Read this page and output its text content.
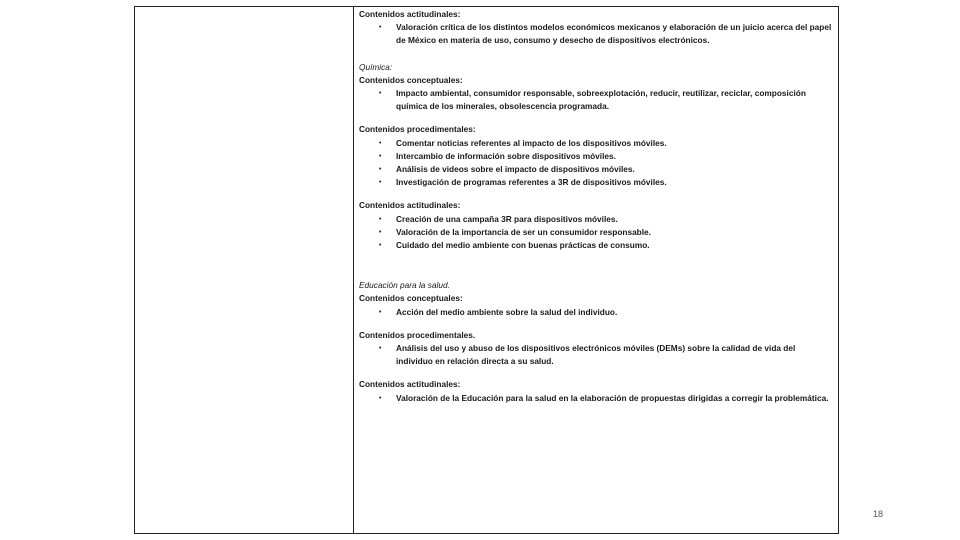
Contenidos actitudinales:

• Valoración crítica de los distintos modelos económicos mexicanos y elaboración de un juicio acerca del papel de México en materia de uso, consumo y desecho de dispositivos electrónicos.

Química:

Contenidos conceptuales:

• Impacto ambiental, consumidor responsable, sobreexplotación, reducir, reutilizar, reciclar, composición química de los minerales, obsolescencia programada.

Contenidos procedimentales:

• Comentar noticias referentes al impacto de los dispositivos móviles.
• Intercambio de información sobre dispositivos móviles.
• Análisis de videos sobre el impacto de dispositivos móviles.
• Investigación de programas referentes a 3R de dispositivos móviles.

Contenidos actitudinales:

• Creación de una campaña 3R para dispositivos móviles.
• Valoración de la importancia de ser un consumidor responsable.
• Cuidado del medio ambiente con buenas prácticas de consumo.

Educación para la salud.

Contenidos conceptuales:

• Acción del medio ambiente sobre la salud del individuo.

Contenidos procedimentales.

• Análisis del uso y abuso de los dispositivos electrónicos móviles (DEMs) sobre la calidad de vida del individuo en relación directa a su salud.

Contenidos actitudinales:

• Valoración de la Educación para la salud en la elaboración de propuestas dirigidas a corregir la problemática.
18
